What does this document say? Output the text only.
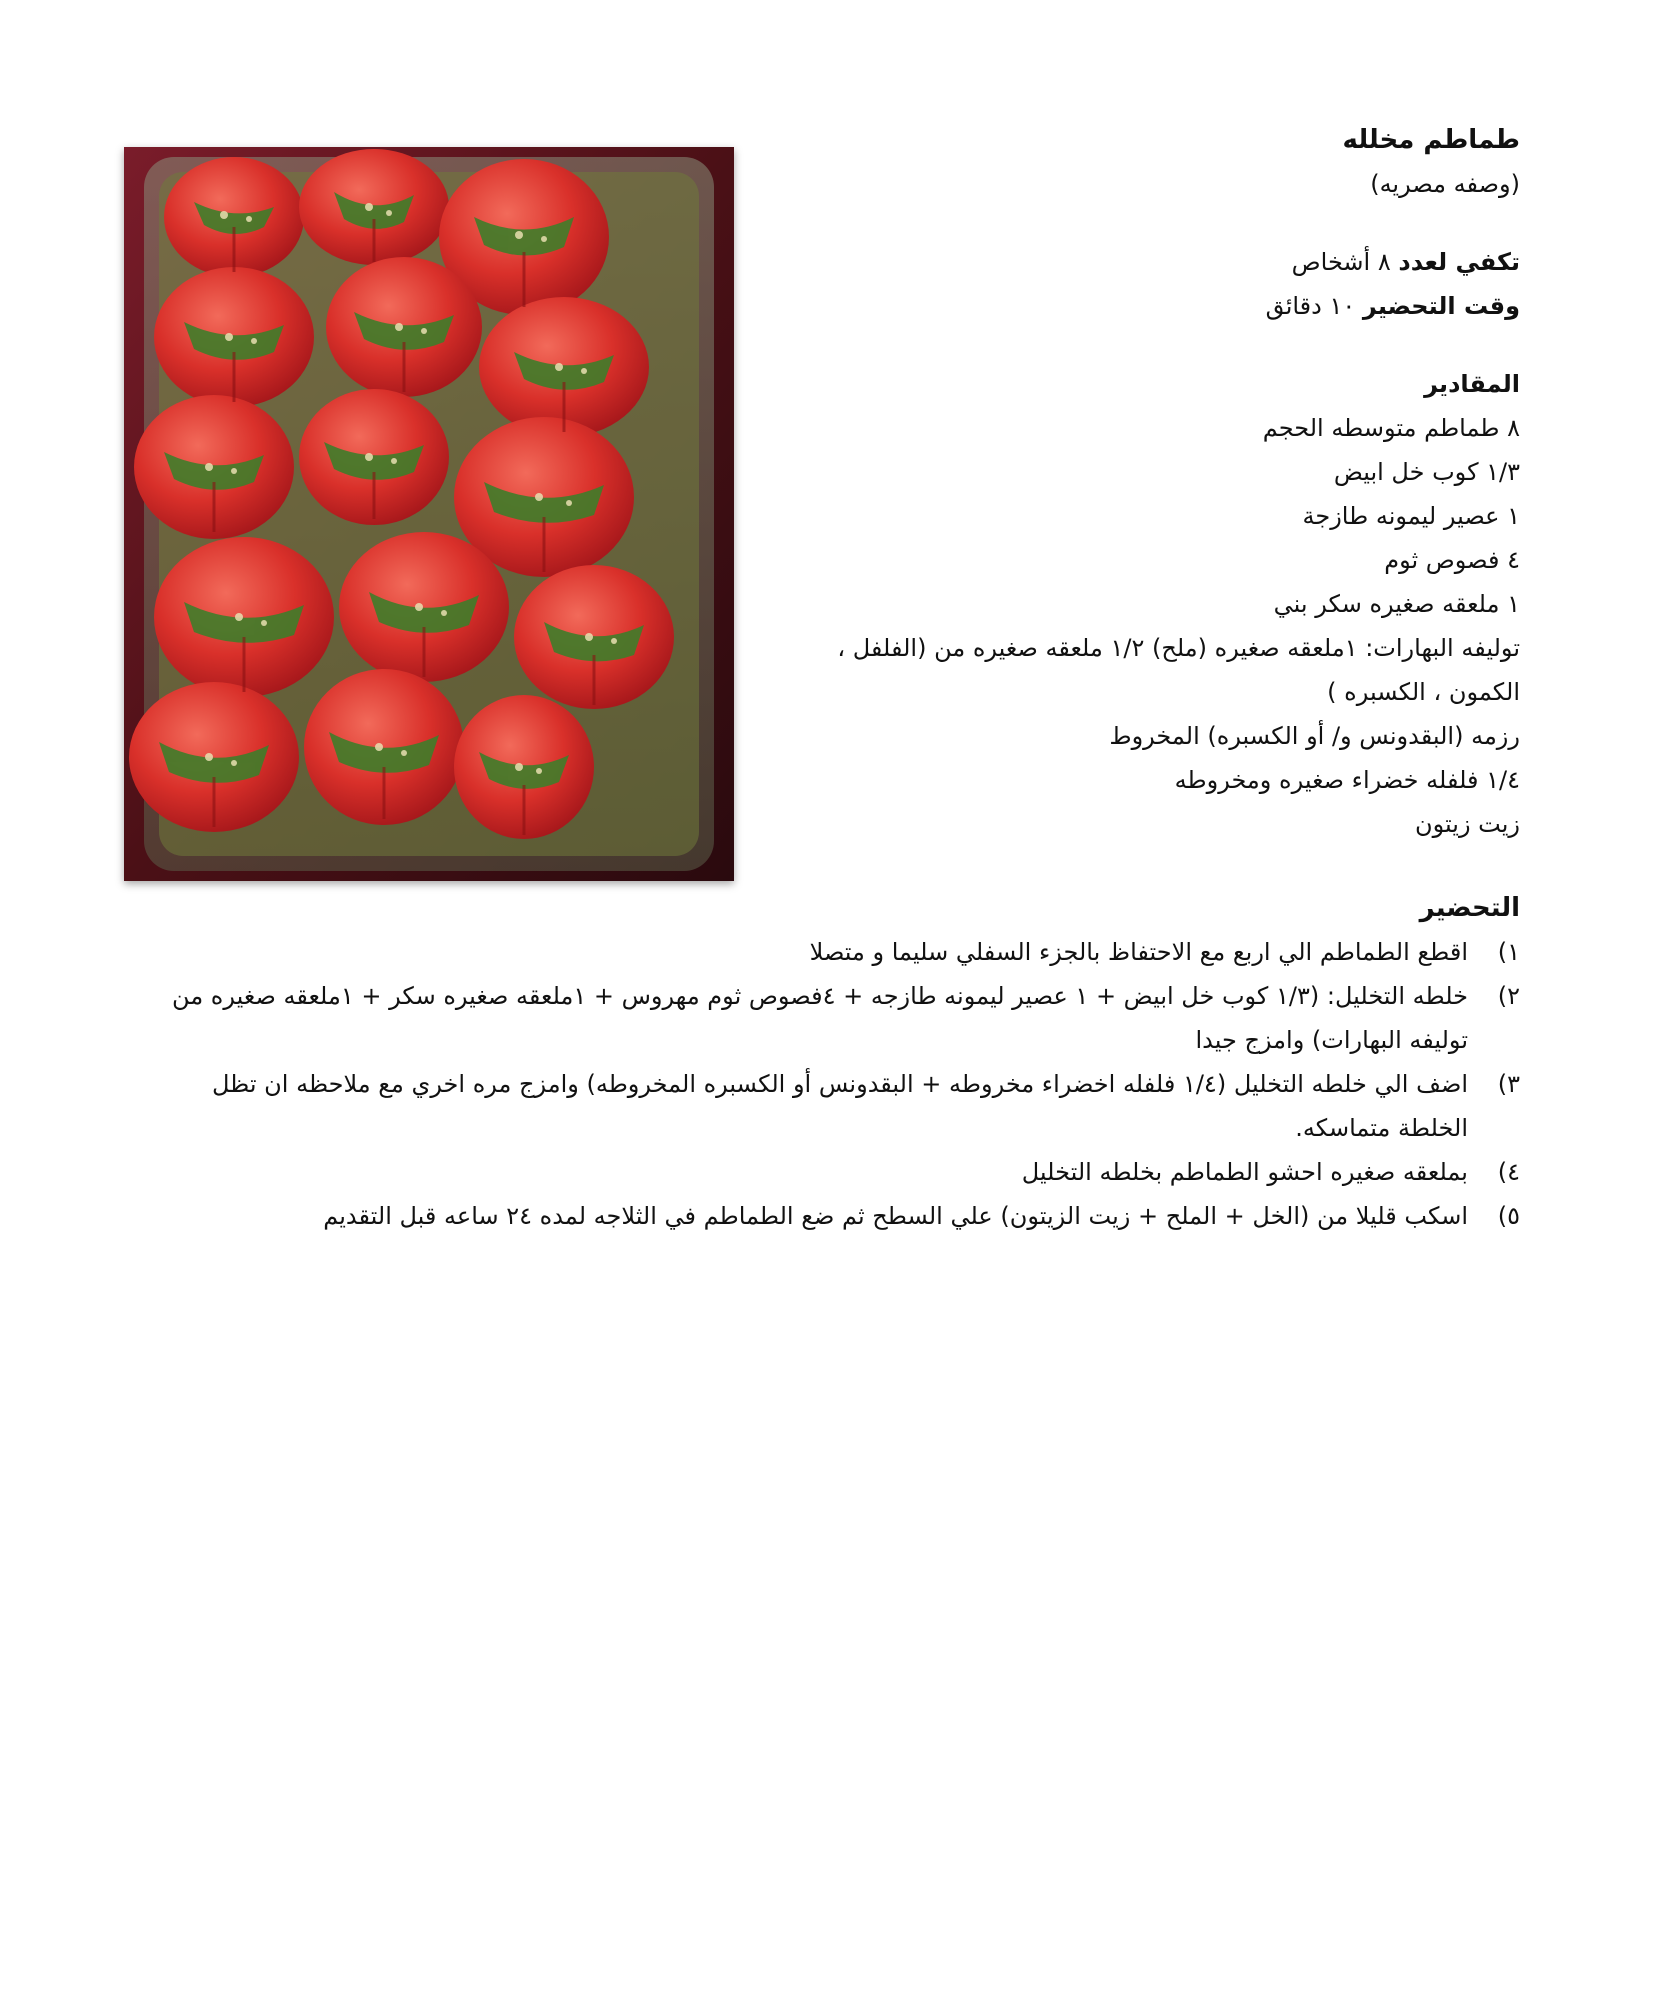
طماطم مخلله
(وصفه مصريه)
تكفي لعدد ٨ أشخاص
وقت التحضير ١٠ دقائق
المقادير
٨ طماطم متوسطه الحجم
١/٣ كوب خل ابيض
١ عصير ليمونه طازجة
٤ فصوص ثوم
١ ملعقه صغيره سكر بني
توليفه البهارات: ١ملعقه صغيره (ملح) ١/٢ ملعقه صغيره من (الفلفل ، الكمون ، الكسبره )
رزمه (البقدونس و/ أو الكسبره) المخروط
١/٤ فلفله خضراء صغيره ومخروطه
زيت زيتون
التحضير
١)
اقطع الطماطم الي اربع مع الاحتفاظ بالجزء السفلي سليما و متصلا
٢)
خلطه التخليل: (١/٣ كوب خل ابيض + ١ عصير ليمونه طازجه + ٤فصوص ثوم مهروس + ١ملعقه صغيره سكر + ١ملعقه صغيره من توليفه البهارات) وامزج جيدا
٣)
اضف الي خلطه التخليل (١/٤ فلفله اخضراء مخروطه + البقدونس أو الكسبره المخروطه) وامزج مره اخري مع ملاحظه ان تظل الخلطة متماسكه.
٤)
بملعقه صغيره احشو الطماطم بخلطه التخليل
٥)
اسكب قليلا من (الخل + الملح + زيت الزيتون) علي السطح ثم ضع الطماطم في الثلاجه لمده ٢٤ ساعه قبل التقديم
